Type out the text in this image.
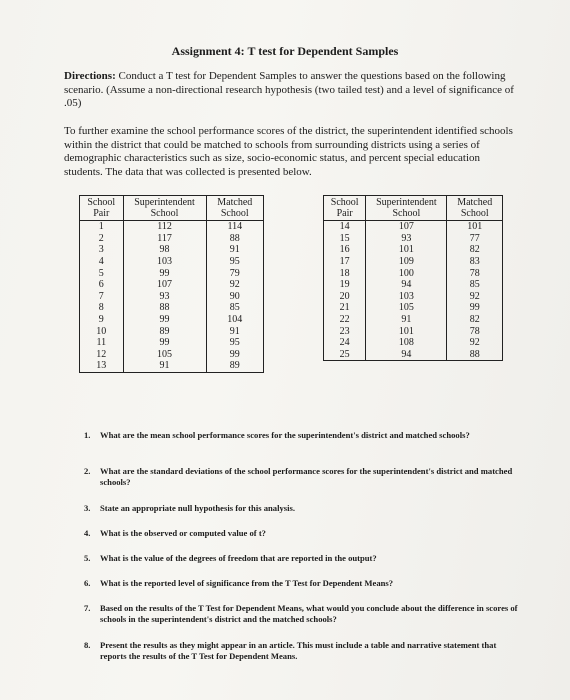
Assignment 4: T test for Dependent Samples
Directions: Conduct a T test for Dependent Samples to answer the questions based on the following scenario. (Assume a non-directional research hypothesis (two tailed test) and a level of significance of .05)
To further examine the school performance scores of the district, the superintendent identified schools within the district that could be matched to schools from surrounding districts using a series of demographic characteristics such as size, socio-economic status, and percent special education students. The data that was collected is presented below.
School Pair	Superintendent School	Matched School
1	112	114
2	117	88
3	98	91
4	103	95
5	99	79
6	107	92
7	93	90
8	88	85
9	99	104
10	89	91
11	99	95
12	105	99
13	91	89
School Pair	Superintendent School	Matched School
14	107	101
15	93	77
16	101	82
17	109	83
18	100	78
19	94	85
20	103	92
21	105	99
22	91	82
23	101	78
24	108	92
25	94	88
1. What are the mean school performance scores for the superintendent's district and matched schools?
2. What are the standard deviations of the school performance scores for the superintendent's district and matched schools?
3. State an appropriate null hypothesis for this analysis.
4. What is the observed or computed value of t?
5. What is the value of the degrees of freedom that are reported in the output?
6. What is the reported level of significance from the T Test for Dependent Means?
7. Based on the results of the T Test for Dependent Means, what would you conclude about the difference in scores of schools in the superintendent's district and the matched schools?
8. Present the results as they might appear in an article. This must include a table and narrative statement that reports the results of the T Test for Dependent Means.
